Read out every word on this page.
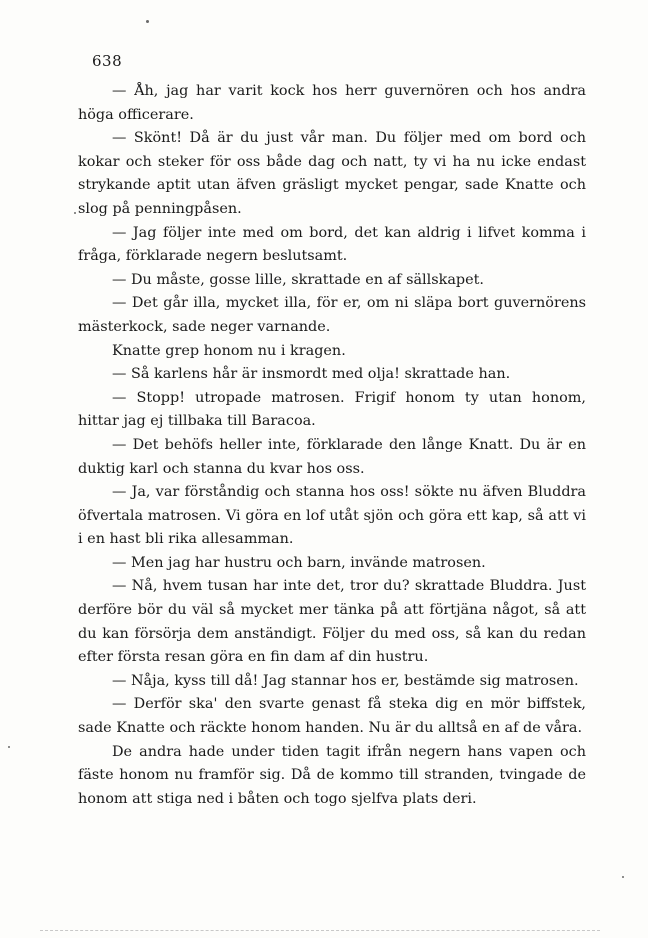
638

— Åh, jag har varit kock hos herr guvernören och hos andra höga officerare.

— Skönt! Då är du just vår man. Du följer med om bord och kokar och steker för oss både dag och natt, ty vi ha nu icke endast strykande aptit utan äfven gräsligt mycket pengar, sade Knatte och slog på penningpåsen.

— Jag följer inte med om bord, det kan aldrig i lifvet komma i fråga, förklarade negern beslutsamt.

— Du måste, gosse lille, skrattade en af sällskapet.

— Det går illa, mycket illa, för er, om ni släpa bort guvernörens mästerkock, sade neger varnande.

Knatte grep honom nu i kragen.

— Så karlens hår är insmordt med olja! skrattade han.

— Stopp! utropade matrosen. Frigif honom ty utan honom, hittar jag ej tillbaka till Baracoa.

— Det behöfs heller inte, förklarade den långe Knatt. Du är en duktig karl och stanna du kvar hos oss.

— Ja, var förståndig och stanna hos oss! sökte nu äfven Bluddra öfvertala matrosen. Vi göra en lof utåt sjön och göra ett kap, så att vi i en hast bli rika allesamman.

— Men jag har hustru och barn, invände matrosen.

— Nå, hvem tusan har inte det, tror du? skrattade Bluddra. Just derföre bör du väl så mycket mer tänka på att förtjäna något, så att du kan försörja dem anständigt. Följer du med oss, så kan du redan efter första resan göra en fin dam af din hustru.

— Nåja, kyss till då! Jag stannar hos er, bestämde sig matrosen.

— Derför ska' den svarte genast få steka dig en mör biffstek, sade Knatte och räckte honom handen. Nu är du alltså en af de våra.

De andra hade under tiden tagit ifrån negern hans vapen och fäste honom nu framför sig. Då de kommo till stranden, tvingade de honom att stiga ned i båten och togo sjelfva plats deri.
